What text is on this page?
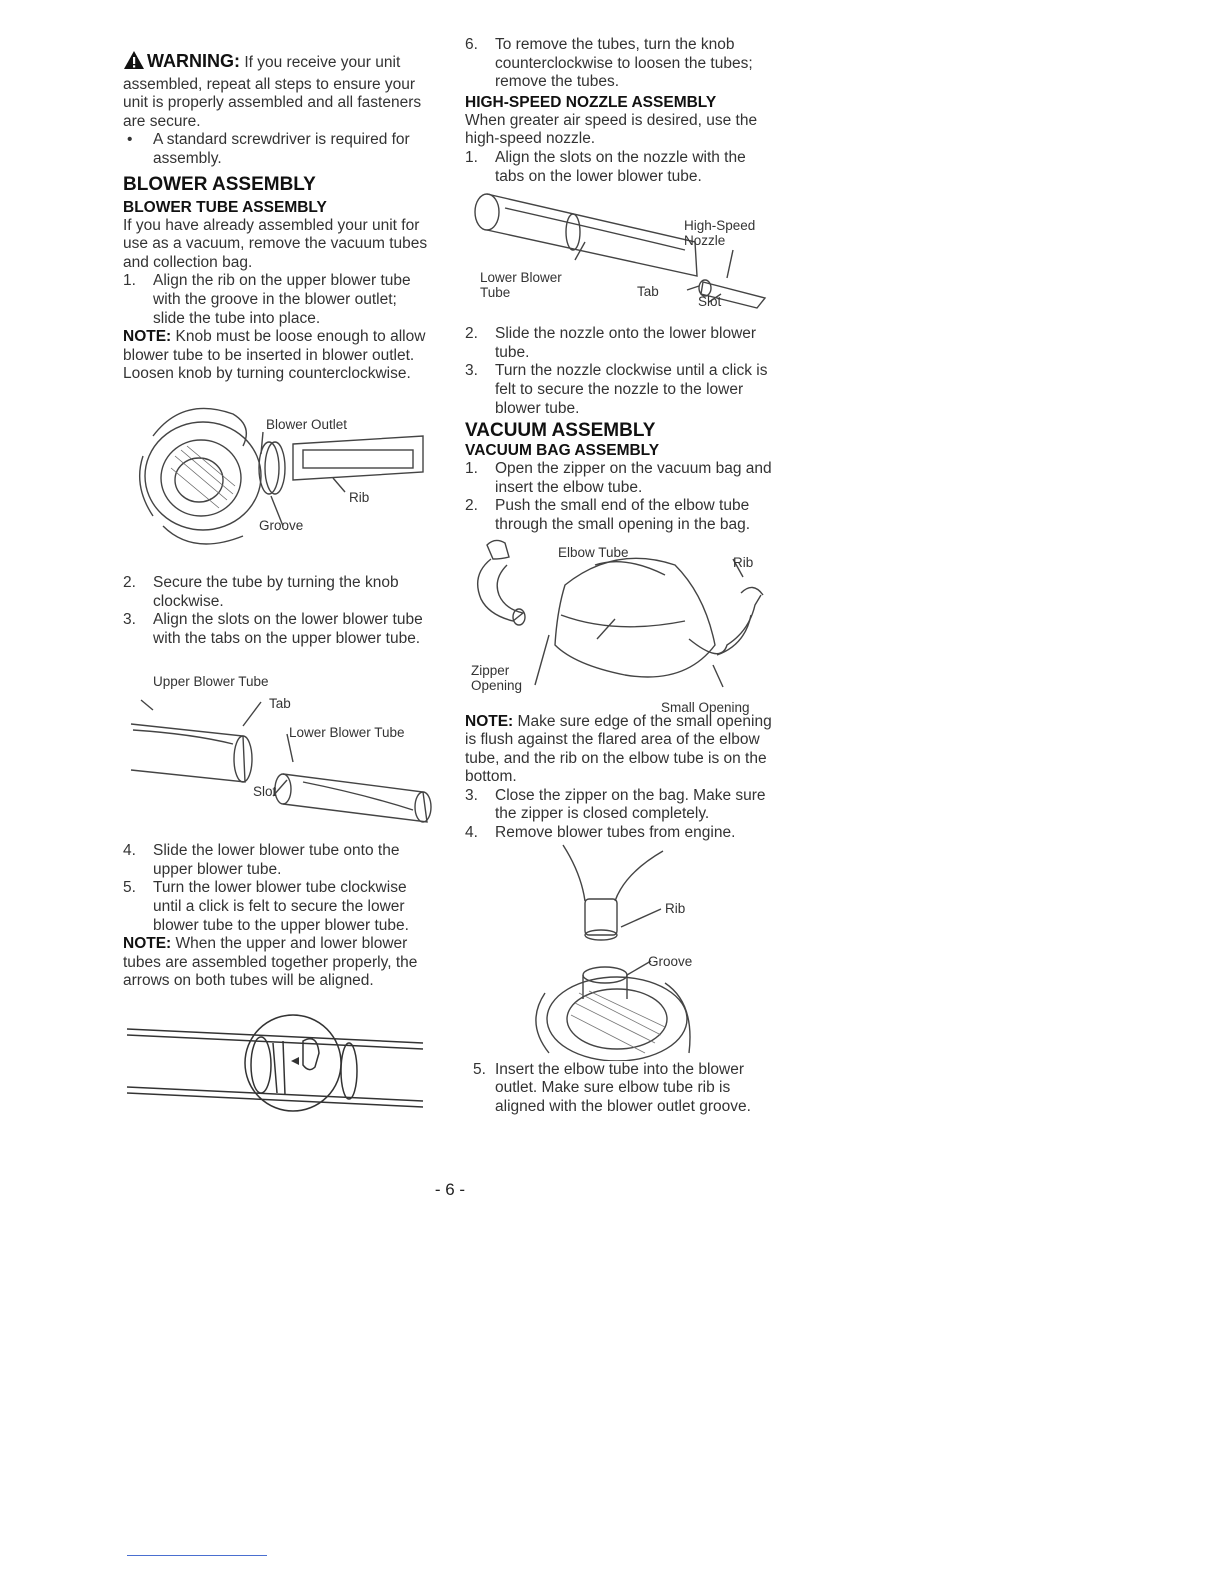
WARNING: If you receive your unit assembled, repeat all steps to ensure your unit is properly assembled and all fasteners are secure.
•	A standard screwdriver is required for assembly.
BLOWER ASSEMBLY
BLOWER TUBE ASSEMBLY

If you have already assembled your unit for use as a vacuum, remove the vacuum tubes and collection bag.

1.	Align the rib on the upper blower tube with the groove in the blower outlet; slide the tube into place.

NOTE: Knob must be loose enough to allow blower tube to be inserted in blower outlet. Loosen knob by turning counterclockwise.

Blower Outlet
Rib
Groove
2.	Secure the tube by turning the knob clockwise.
3.	Align the slots on the lower blower tube with the tabs on the upper blower tube.
Upper Blower Tube
Tab
Lower Blower Tube
Slot
4.	Slide the lower blower tube onto the upper blower tube.
5.	Turn the lower blower tube clockwise until a click is felt to secure the lower blower tube to the upper blower tube.

NOTE: When the upper and lower blower tubes are assembled together properly, the arrows on both tubes will be aligned.

6.	To remove the tubes, turn the knob counterclockwise to loosen the tubes; remove the tubes.
HIGH-SPEED NOZZLE ASSEMBLY

When greater air speed is desired, use the high-speed nozzle.

1.	Align the slots on the nozzle with the tabs on the lower blower tube.
High-Speed Nozzle
Lower Blower Tube	Tab
Slot
2.	Slide the nozzle onto the lower blower tube.
3.	Turn the nozzle clockwise until a click is felt to secure the nozzle to the lower blower tube.
VACUUM ASSEMBLY
VACUUM BAG ASSEMBLY
1.	Open the zipper on the vacuum bag and insert the elbow tube.
2.	Push the small end of the elbow tube through the small opening in the bag.
Elbow Tube
Rib
Zipper Opening
Small Opening

NOTE: Make sure edge of the small opening is flush against the flared area of the elbow tube, and the rib on the elbow tube is on the bottom.

3.	Close the zipper on the bag. Make sure the zipper is closed completely.
4.	Remove blower tubes from engine.
Rib
Groove
5. Insert the elbow tube into the blower outlet. Make sure elbow tube rib is aligned with the blower outlet groove.
- 6 -
